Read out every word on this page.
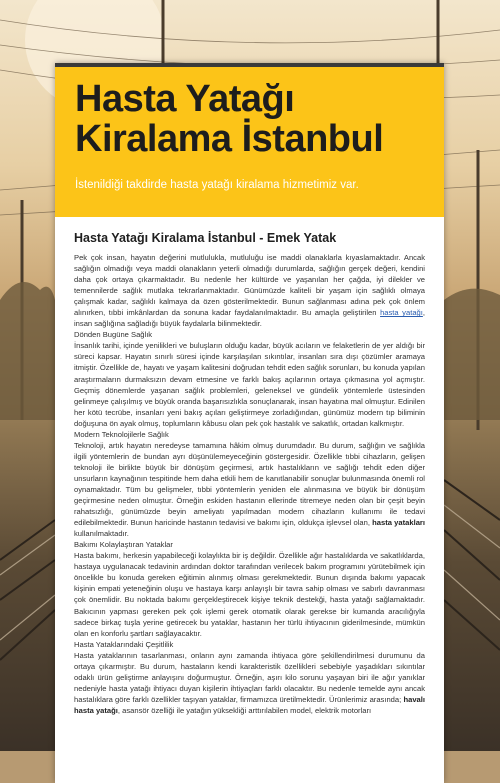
Hasta Yatağı Kiralama İstanbul
İstenildiği takdirde hasta yatağı kiralama hizmetimiz var.
Hasta Yatağı Kiralama İstanbul - Emek Yatak

Pek çok insan, hayatın değerini mutlulukla, mutluluğu ise maddi olanaklarla kıyaslamaktadır. Ancak sağlığın olmadığı veya maddi olanakların yeterli olmadığı durumlarda, sağlığın gerçek değeri, kendini daha çok ortaya çıkarmaktadır. Bu nedenle her kültürde ve yaşanılan her çağda, iyi dilekler ve temennilerde sağlık mutlaka tekrarlanmaktadır. Günümüzde kaliteli bir yaşam için sağlıklı olmaya çalışmak kadar, sağlıklı kalmaya da özen gösterilmektedir. Bunun sağlanması adına pek çok önlem alınırken, tıbbi imkânlardan da sonuna kadar faydalanılmaktadır. Bu amaçla geliştirilen hasta yatağı, insan sağlığına sağladığı büyük faydalarla bilinmektedir.

Dönden Bugüne Sağlık

İnsanlık tarihi, içinde yenilikleri ve buluşların olduğu kadar, büyük acıların ve felaketlerin de yer aldığı bir süreci kapsar. Hayatın sınırlı süresi içinde karşılaşılan sıkıntılar, insanları sıra dışı çözümler aramaya itmiştir. Özellikle de, hayatı ve yaşam kalitesini doğrudan tehdit eden sağlık sorunları, bu konuda yapılan araştırmaların durmaksızın devam etmesine ve farklı bakış açılarının ortaya çıkmasına yol açmıştır. Geçmiş dönemlerde yaşanan sağlık problemleri, geleneksel ve gündelik yöntemlerle üstesinden gelinmeye çalışılmış ve büyük oranda başarısızlıkla sonuçlanarak, insan hayatına mal olmuştur. Edinilen her kötü tecrübe, insanları yeni bakış açıları geliştirmeye zorladığından, günümüz modern tıp biliminin doğuşuna ön ayak olmuş, toplumların kâbusu olan pek çok hastalık ve sakatlık, ortadan kalkmıştır.

Modern Teknolojilerle Sağlık

Teknoloji, artık hayatın neredeyse tamamına hâkim olmuş durumdadır. Bu durum, sağlığın ve sağlıkla ilgili yöntemlerin de bundan ayrı düşünülemeyeceğinin göstergesidir. Özellikle tıbbi cihazların, gelişen teknoloji ile birlikte büyük bir dönüşüm geçirmesi, artık hastalıkların ve sağlığı tehdit eden diğer unsurların kaynağının tespitinde hem daha etkili hem de kanıtlanabilir sonuçlar bulunmasında önemli rol oynamaktadır. Tüm bu gelişmeler, tıbbi yöntemlerin yeniden ele alınmasına ve büyük bir dönüşüm geçirmesine neden olmuştur. Örneğin eskiden hastanın ellerinde titremeye neden olan bir çeşit beyin rahatsızlığı, günümüzde beyin ameliyatı yapılmadan modern cihazların kullanımı ile tedavi edilebilmektedir. Bunun haricinde hastanın tedavisi ve bakımı için, oldukça işlevsel olan, hasta yatakları kullanılmaktadır.

Bakımı Kolaylaştıran Yataklar

Hasta bakımı, herkesin yapabileceği kolaylıkta bir iş değildir. Özellikle ağır hastalıklarda ve sakatlıklarda, hastaya uygulanacak tedavinin ardından doktor tarafından verilecek bakım programını yürütebilmek için öncelikle bu konuda gereken eğitimin alınmış olması gerekmektedir. Bunun dışında bakımı yapacak kişinin empati yeteneğinin oluşu ve hastaya karşı anlayışlı bir tavra sahip olması ve sabırlı davranması çok önemlidir. Bu noktada bakımı gerçekleştirecek kişiye teknik destekği, hasta yatağı sağlamaktadır. Bakıcının yapması gereken pek çok işlemi gerek otomatik olarak gerekse bir kumanda aracılığıyla sadece birkaç tuşla yerine getirecek bu yataklar, hastanın her türlü ihtiyacının giderilmesinde, mümkün olan en konforlu şartları sağlayacaktır.

Hasta Yataklarındaki Çeşitlilik

Hasta yataklarının tasarlanması, onların aynı zamanda ihtiyaca göre şekillendirilmesi durumunu da ortaya çıkarmıştır. Bu durum, hastaların kendi karakteristik özellikleri sebebiyle yaşadıkları sıkıntılar odaklı ürün geliştirme anlayışını doğurmuştur. Örneğin, aşırı kilo sorunu yaşayan biri ile ağır yanıklar nedeniyle hasta yatağı ihtiyacı duyan kişilerin ihtiyaçları farklı olacaktır. Bu nedenle temelde aynı ancak hastalıklara göre farklı özellikler taşıyan yataklar, firmamızca üretilmektedir. Ürünlerimiz arasında; havalı hasta yatağı, asansör özelliği ile yatağın yüksekliği arttırılabilen model, elektrik motorları
